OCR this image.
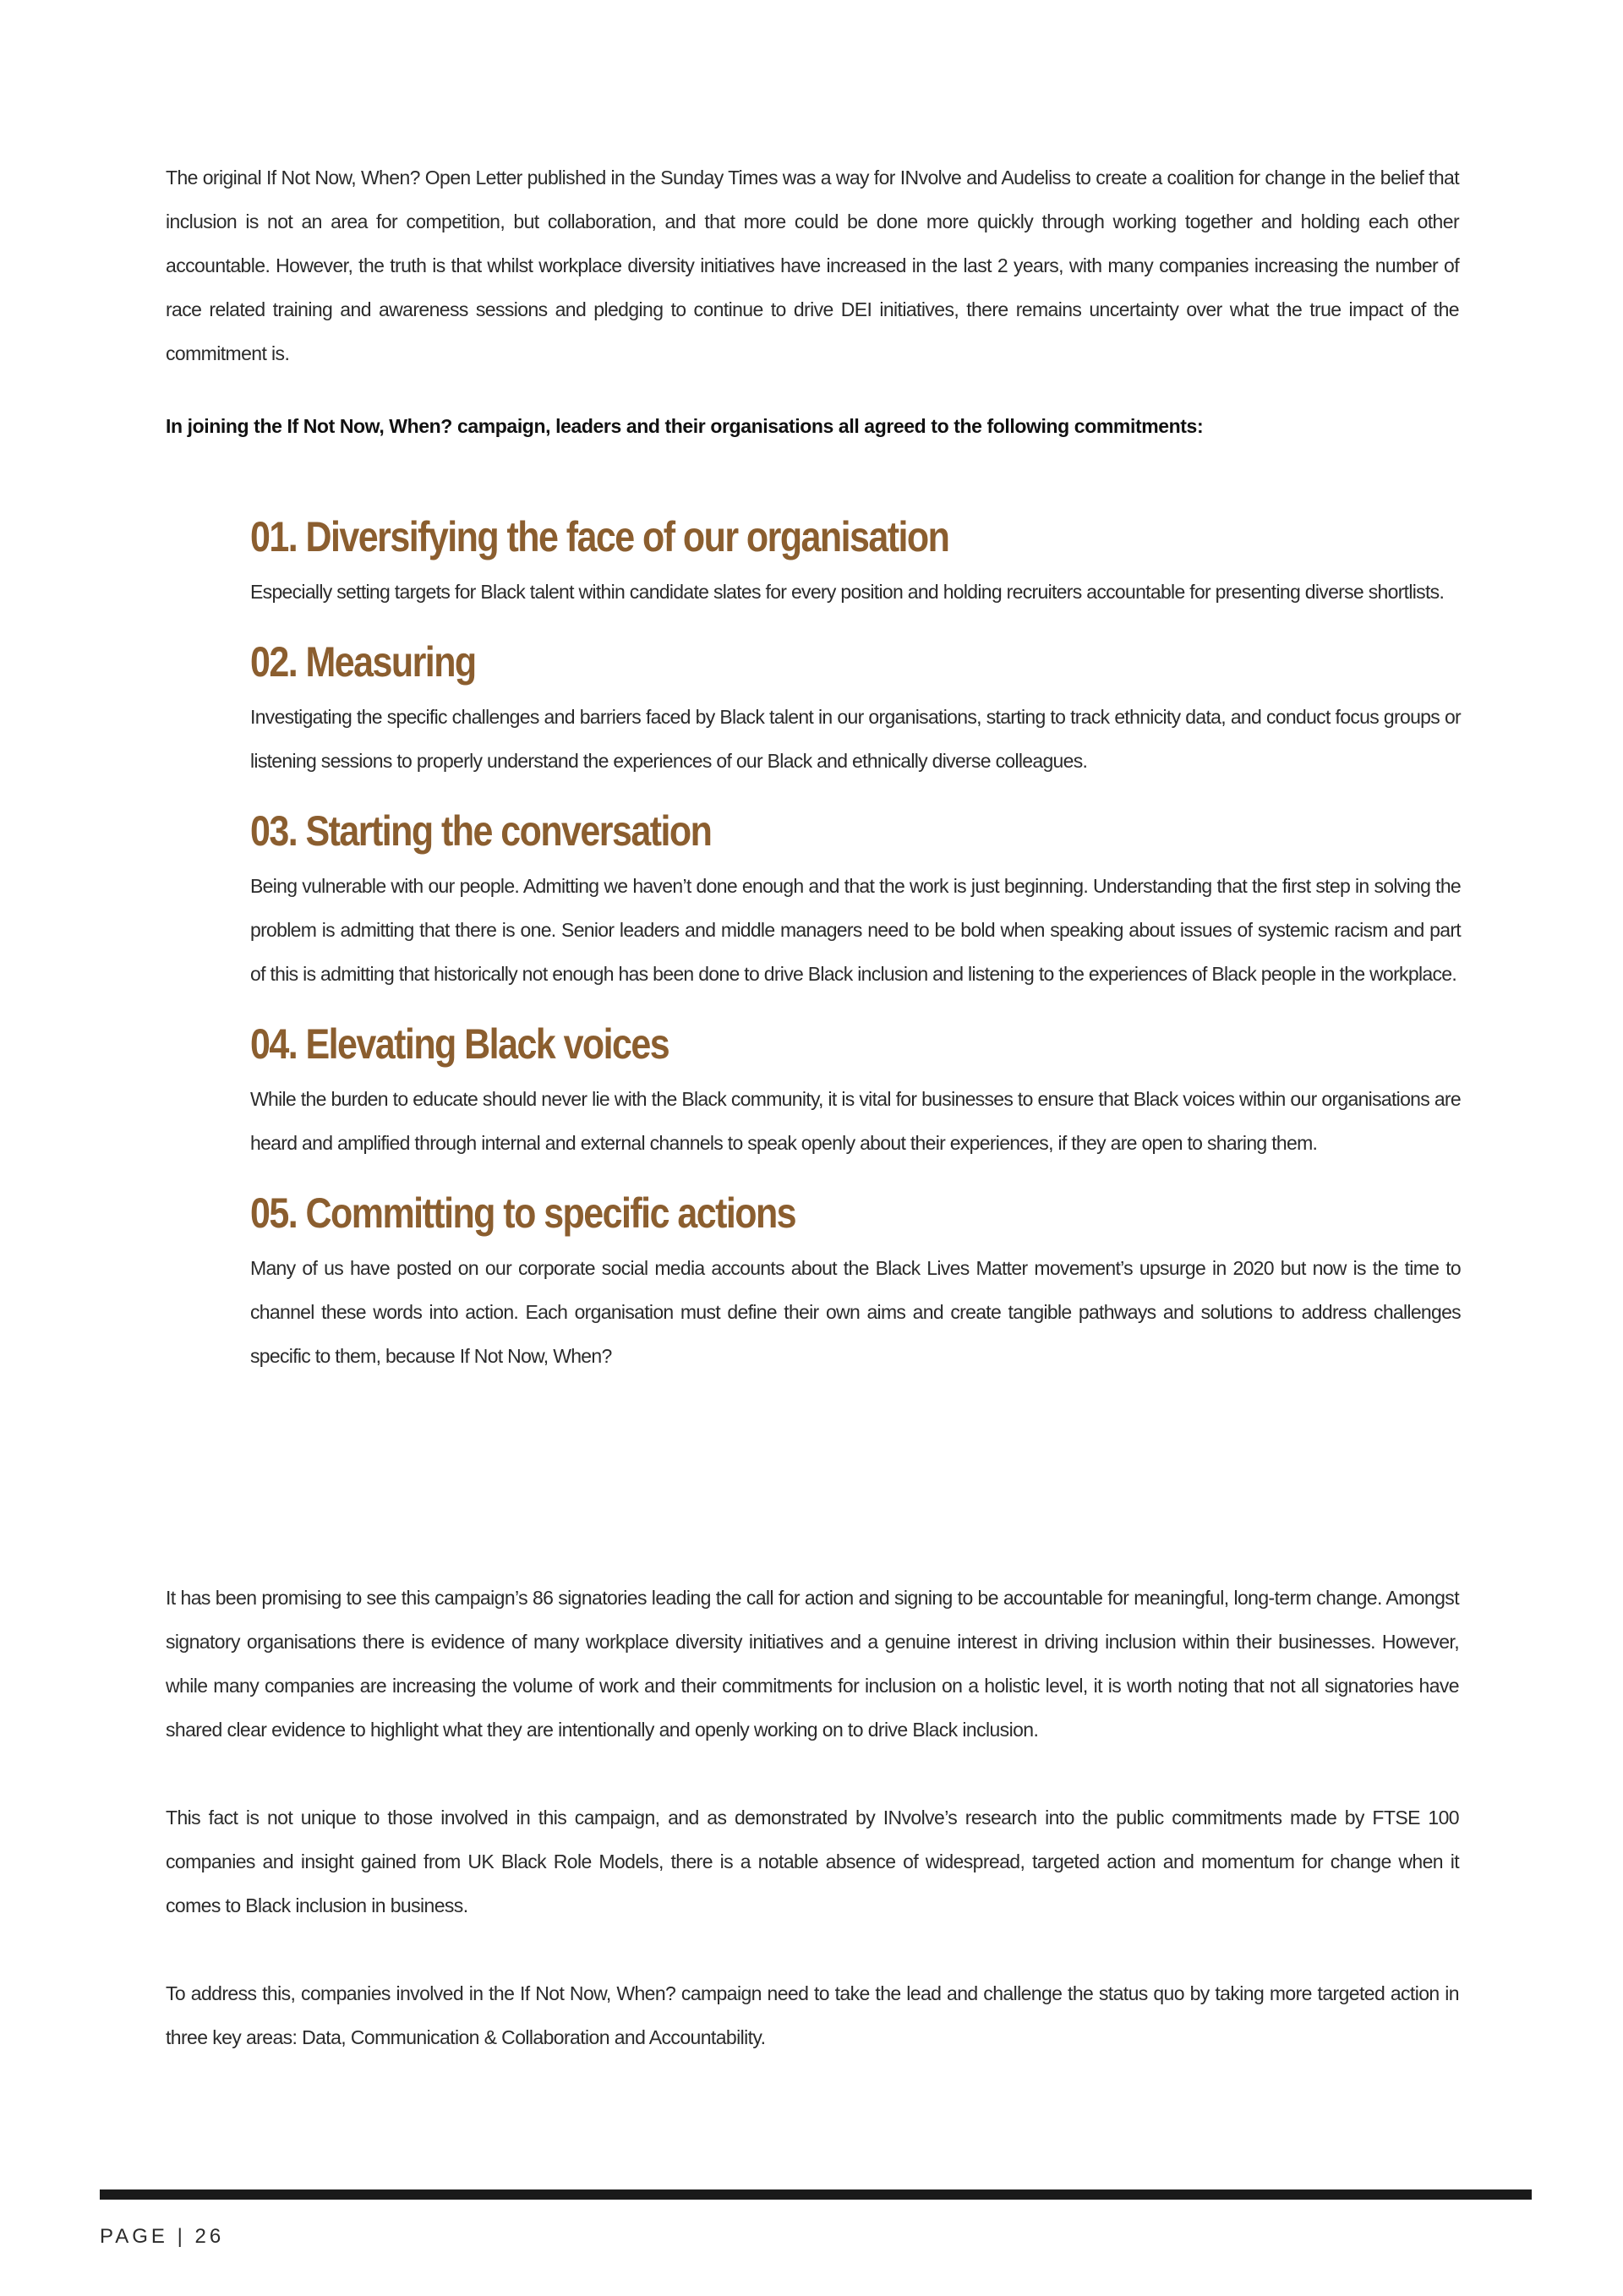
The original If Not Now, When? Open Letter published in the Sunday Times was a way for INvolve and Audeliss to create a coalition for change in the belief that inclusion is not an area for competition, but collaboration, and that more could be done more quickly through working together and holding each other accountable. However, the truth is that whilst workplace diversity initiatives have increased in the last 2 years, with many companies increasing the number of race related training and awareness sessions and pledging to continue to drive DEI initiatives, there remains uncertainty over what the true impact of the commitment is.

In joining the If Not Now, When? campaign, leaders and their organisations all agreed to the following commitments:

01. Diversifying the face of our organisation

Especially setting targets for Black talent within candidate slates for every position and holding recruiters accountable for presenting diverse shortlists.

02. Measuring

Investigating the specific challenges and barriers faced by Black talent in our organisations, starting to track ethnicity data, and conduct focus groups or listening sessions to properly understand the experiences of our Black and ethnically diverse colleagues.

03. Starting the conversation

Being vulnerable with our people. Admitting we haven’t done enough and that the work is just beginning. Understanding that the first step in solving the problem is admitting that there is one. Senior leaders and middle managers need to be bold when speaking about issues of systemic racism and part of this is admitting that historically not enough has been done to drive Black inclusion and listening to the experiences of Black people in the workplace.

04. Elevating Black voices

While the burden to educate should never lie with the Black community, it is vital for businesses to ensure that Black voices within our organisations are heard and amplified through internal and external channels to speak openly about their experiences, if they are open to sharing them.

05. Committing to specific actions

Many of us have posted on our corporate social media accounts about the Black Lives Matter movement’s upsurge in 2020 but now is the time to channel these words into action. Each organisation must define their own aims and create tangible pathways and solutions to address challenges specific to them, because If Not Now, When?

It has been promising to see this campaign’s 86 signatories leading the call for action and signing to be accountable for meaningful, long-term change. Amongst signatory organisations there is evidence of many workplace diversity initiatives and a genuine interest in driving inclusion within their businesses. However, while many companies are increasing the volume of work and their commitments for inclusion on a holistic level, it is worth noting that not all signatories have shared clear evidence to highlight what they are intentionally and openly working on to drive Black inclusion.

This fact is not unique to those involved in this campaign, and as demonstrated by INvolve’s research into the public commitments made by FTSE 100 companies and insight gained from UK Black Role Models, there is a notable absence of widespread, targeted action and momentum for change when it comes to Black inclusion in business.

To address this, companies involved in the If Not Now, When? campaign need to take the lead and challenge the status quo by taking more targeted action in three key areas: Data, Communication & Collaboration and Accountability.

PAGE | 26
